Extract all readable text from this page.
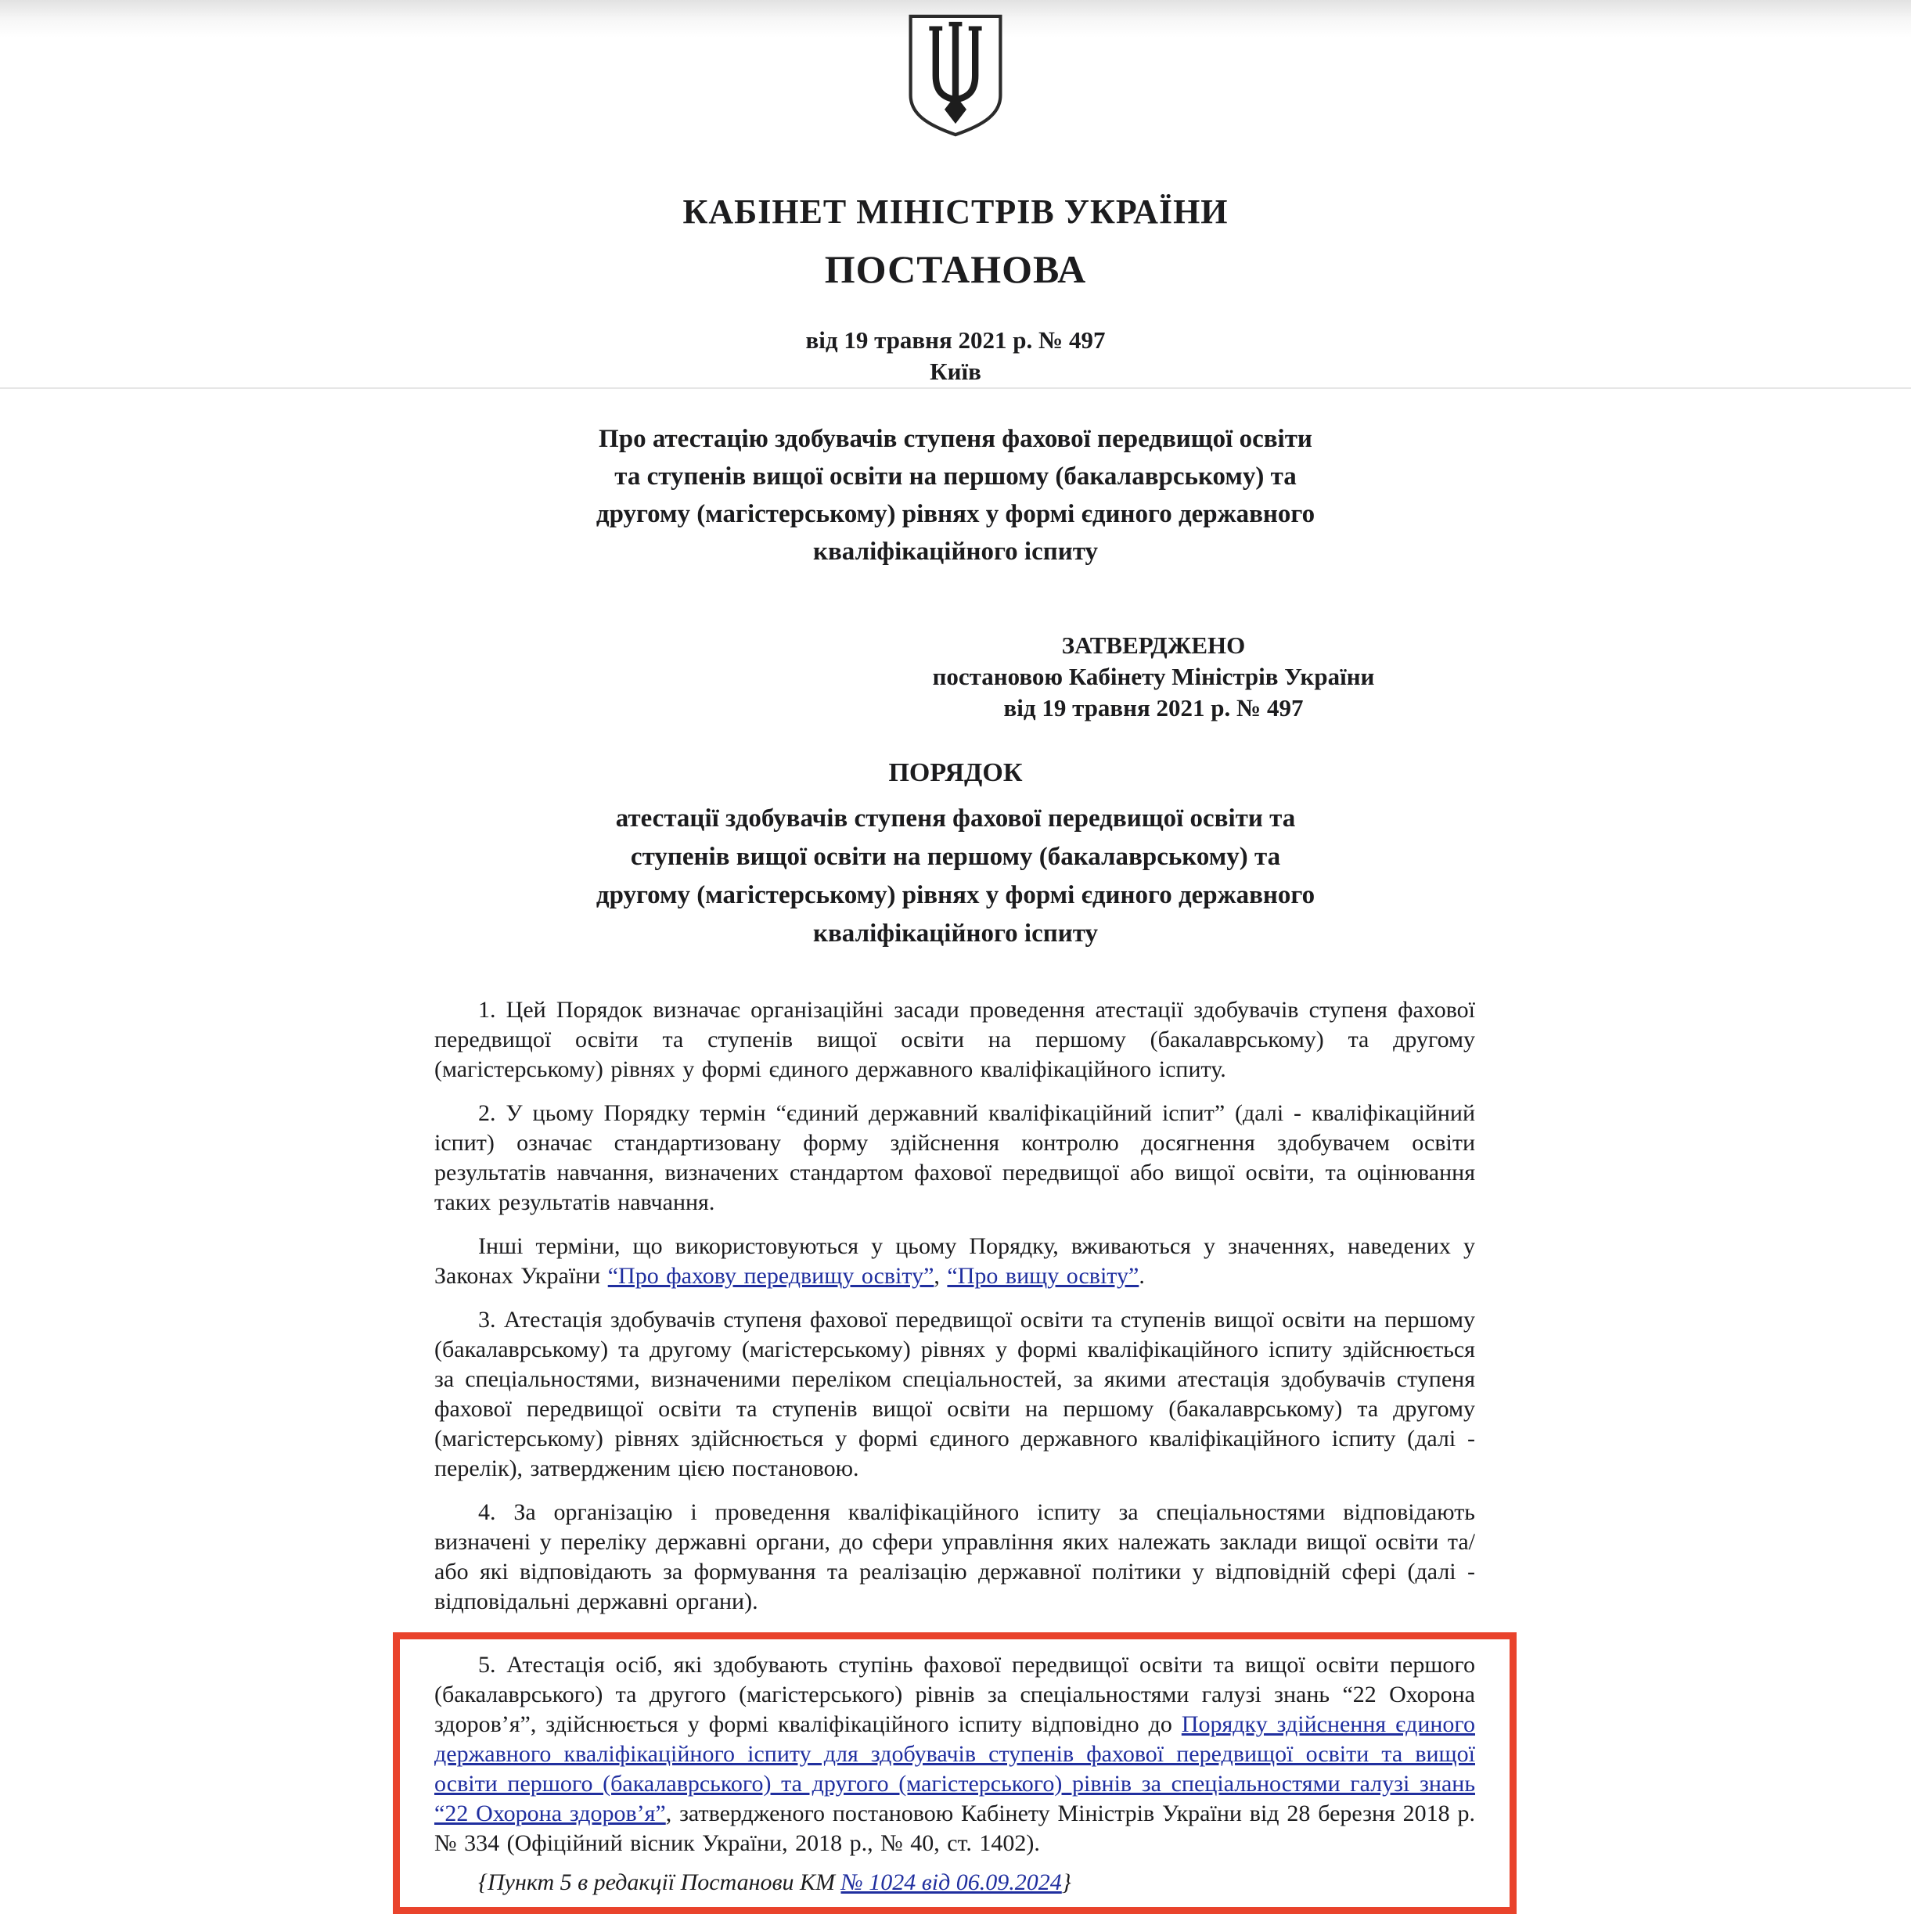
КАБІНЕТ МІНІСТРІВ УКРАЇНИ
ПОСТАНОВА
від 19 травня 2021 р. № 497
Київ
Про атестацію здобувачів ступеня фахової передвищої освіти
та ступенів вищої освіти на першому (бакалаврському) та
другому (магістерському) рівнях у формі єдиного державного
кваліфікаційного іспиту
ЗАТВЕРДЖЕНО
постановою Кабінету Міністрів України
від 19 травня 2021 р. № 497
ПОРЯДОК
атестації здобувачів ступеня фахової передвищої освіти та
ступенів вищої освіти на першому (бакалаврському) та
другому (магістерському) рівнях у формі єдиного державного
кваліфікаційного іспиту

1. Цей Порядок визначає організаційні засади проведення атестації здобувачів ступеня фахової передвищої освіти та ступенів вищої освіти на першому (бакалаврському) та другому (магістерському) рівнях у формі єдиного державного кваліфікаційного іспиту.

2. У цьому Порядку термін “єдиний державний кваліфікаційний іспит” (далі - кваліфікаційний іспит) означає стандартизовану форму здійснення контролю досягнення здобувачем освіти результатів навчання, визначених стандартом фахової передвищої або вищої освіти, та оцінювання таких результатів навчання.

Інші терміни, що використовуються у цьому Порядку, вживаються у значеннях, наведених у Законах України “Про фахову передвищу освіту”, “Про вищу освіту”.

3. Атестація здобувачів ступеня фахової передвищої освіти та ступенів вищої освіти на першому (бакалаврському) та другому (магістерському) рівнях у формі кваліфікаційного іспиту здійснюється за спеціальностями, визначеними переліком спеціальностей, за якими атестація здобувачів ступеня фахової передвищої освіти та ступенів вищої освіти на першому (бакалаврському) та другому (магістерському) рівнях здійснюється у формі єдиного державного кваліфікаційного іспиту (далі - перелік), затвердженим цією постановою.

4. За організацію і проведення кваліфікаційного іспиту за спеціальностями відповідають визначені у переліку державні органи, до сфери управління яких належать заклади вищої освіти та/або які відповідають за формування та реалізацію державної політики у відповідній сфері (далі - відповідальні державні органи).

5. Атестація осіб, які здобувають ступінь фахової передвищої освіти та вищої освіти першого (бакалаврського) та другого (магістерського) рівнів за спеціальностями галузі знань “22 Охорона здоров’я”, здійснюється у формі кваліфікаційного іспиту відповідно до Порядку здійснення єдиного державного кваліфікаційного іспиту для здобувачів ступенів фахової передвищої освіти та вищої освіти першого (бакалаврського) та другого (магістерського) рівнів за спеціальностями галузі знань “22 Охорона здоров’я”, затвердженого постановою Кабінету Міністрів України від 28 березня 2018 р. № 334 (Офіційний вісник України, 2018 р., № 40, ст. 1402).

{Пункт 5 в редакції Постанови КМ № 1024 від 06.09.2024}
